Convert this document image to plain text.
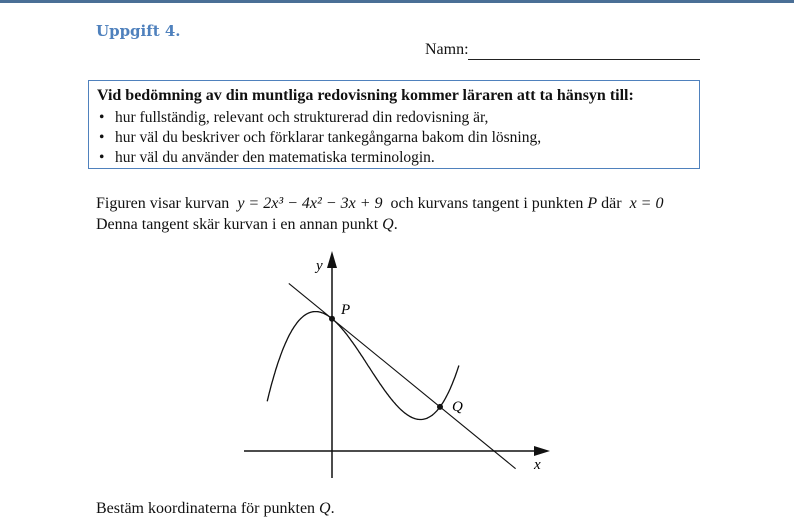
Uppgift 4.
Namn:
Vid bedömning av din muntliga redovisning kommer läraren att ta hänsyn till:
• hur fullständig, relevant och strukturerad din redovisning är,
• hur väl du beskriver och förklarar tankegångarna bakom din lösning,
• hur väl du använder den matematiska terminologin.
Figuren visar kurvan y = 2x³ − 4x² − 3x + 9 och kurvans tangent i punkten P där x = 0
Denna tangent skär kurvan i en annan punkt Q.
x
y
P
Q
Bestäm koordinaterna för punkten Q.
